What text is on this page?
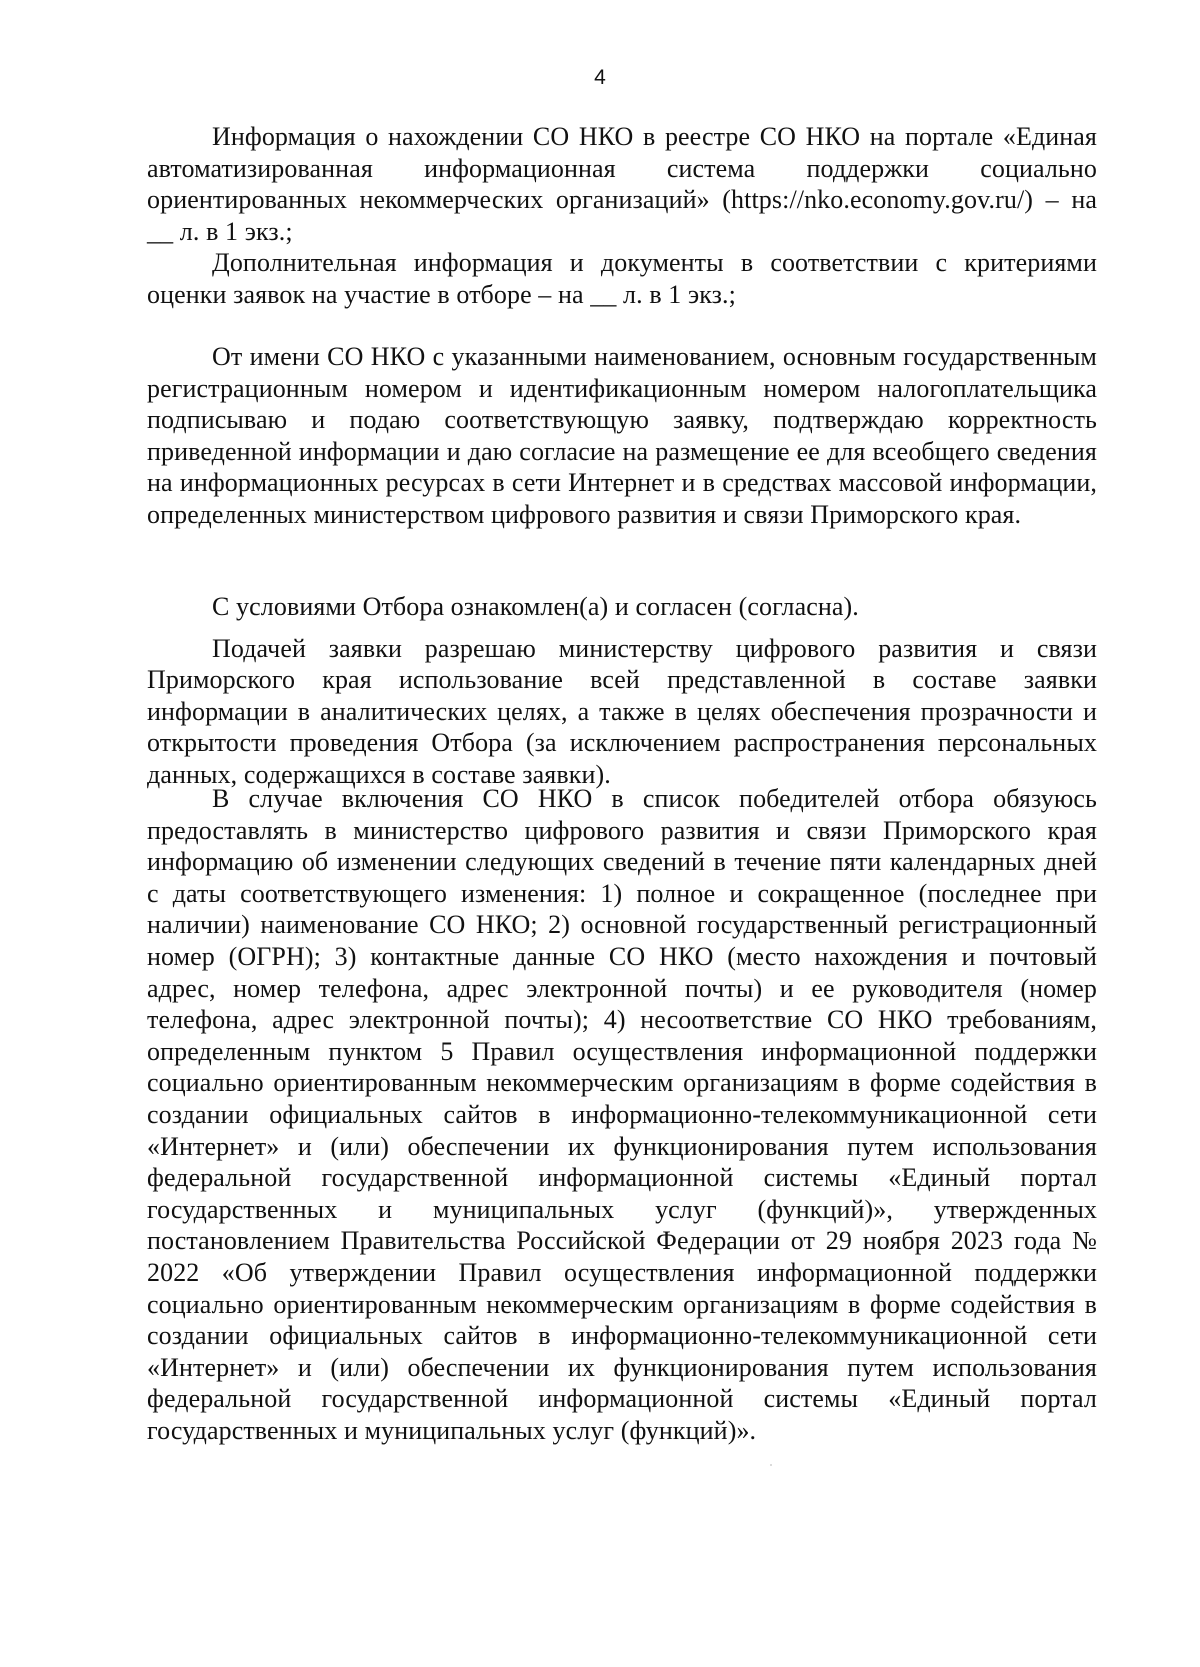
4

Информация о нахождении СО НКО в реестре СО НКО на портале «Единая автоматизированная информационная система поддержки социально ориентированных некоммерческих организаций» (https://nko.economy.gov.ru/) – на __ л. в 1 экз.;

Дополнительная информация и документы в соответствии с критериями оценки заявок на участие в отборе – на __ л. в 1 экз.;

От имени СО НКО с указанными наименованием, основным государственным регистрационным номером и идентификационным номером налогоплательщика подписываю и подаю соответствующую заявку, подтверждаю корректность приведенной информации и даю согласие на размещение ее для всеобщего сведения на информационных ресурсах в сети Интернет и в средствах массовой информации, определенных министерством цифрового развития и связи Приморского края.

С условиями Отбора ознакомлен(а) и согласен (согласна).

Подачей заявки разрешаю министерству цифрового развития и связи Приморского края использование всей представленной в составе заявки информации в аналитических целях, а также в целях обеспечения прозрачности и открытости проведения Отбора (за исключением распространения персональных данных, содержащихся в составе заявки).

В случае включения СО НКО в список победителей отбора обязуюсь предоставлять в министерство цифрового развития и связи Приморского края информацию об изменении следующих сведений в течение пяти календарных дней с даты соответствующего изменения: 1) полное и сокращенное (последнее при наличии) наименование СО НКО; 2) основной государственный регистрационный номер (ОГРН); 3) контактные данные СО НКО (место нахождения и почтовый адрес, номер телефона, адрес электронной почты) и ее руководителя (номер телефона, адрес электронной почты); 4) несоответствие СО НКО требованиям, определенным пунктом 5 Правил осуществления информационной поддержки социально ориентированным некоммерческим организациям в форме содействия в создании официальных сайтов в информационно-телекоммуникационной сети «Интернет» и (или) обеспечении их функционирования путем использования федеральной государственной информационной системы «Единый портал государственных и муниципальных услуг (функций)», утвержденных постановлением Правительства Российской Федерации от 29 ноября 2023 года № 2022 «Об утверждении Правил осуществления информационной поддержки социально ориентированным некоммерческим организациям в форме содействия в создании официальных сайтов в информационно-телекоммуникационной сети «Интернет» и (или) обеспечении их функционирования путем использования федеральной государственной информационной системы «Единый портал государственных и муниципальных услуг (функций)».
